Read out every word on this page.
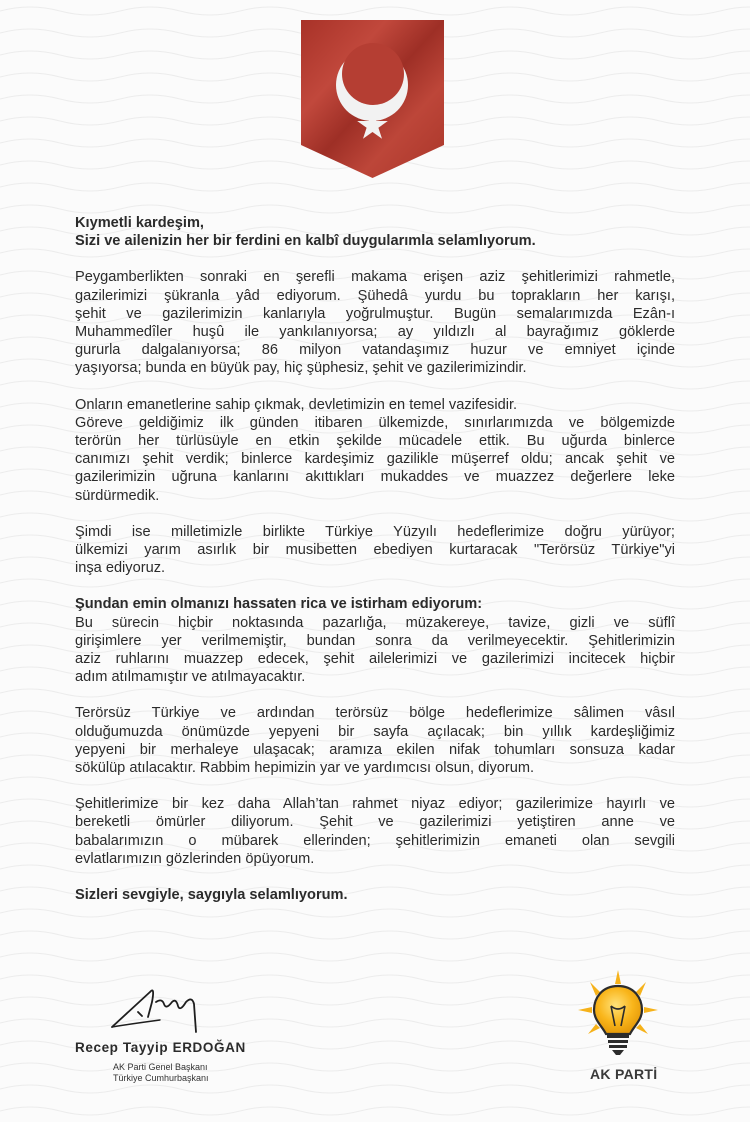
Kıymetli kardeşim,
Sizi ve ailenizin her bir ferdini en kalbî duygularımla selamlıyorum.

Peygamberlikten sonraki en şerefli makama erişen aziz şehitlerimizi rahmetle,
gazilerimizi şükranla yâd ediyorum. Şühedâ yurdu bu toprakların her karışı,
şehit ve gazilerimizin kanlarıyla yoğrulmuştur. Bugün semalarımızda Ezân-ı
Muhammedîler huşû ile yankılanıyorsa; ay yıldızlı al bayrağımız göklerde
gururla dalgalanıyorsa; 86 milyon vatandaşımız huzur ve emniyet içinde
yaşıyorsa; bunda en büyük pay, hiç şüphesiz, şehit ve gazilerimizindir.

Onların emanetlerine sahip çıkmak, devletimizin en temel vazifesidir.
Göreve geldiğimiz ilk günden itibaren ülkemizde, sınırlarımızda ve bölgemizde
terörün her türlüsüyle en etkin şekilde mücadele ettik. Bu uğurda binlerce
canımızı şehit verdik; binlerce kardeşimiz gazilikle müşerref oldu; ancak şehit ve
gazilerimizin uğruna kanlarını akıttıkları mukaddes ve muazzez değerlere leke
sürdürmedik.

Şimdi ise milletimizle birlikte Türkiye Yüzyılı hedeflerimize doğru yürüyor;
ülkemizi yarım asırlık bir musibetten ebediyen kurtaracak "Terörsüz Türkiye"yi
inşa ediyoruz.

Şundan emin olmanızı hassaten rica ve istirham ediyorum:
Bu sürecin hiçbir noktasında pazarlığa, müzakereye, tavize, gizli ve süflî
girişimlere yer verilmemiştir, bundan sonra da verilmeyecektir. Şehitlerimizin
aziz ruhlarını muazzep edecek, şehit ailelerimizi ve gazilerimizi incitecek hiçbir
adım atılmamıştır ve atılmayacaktır.

Terörsüz Türkiye ve ardından terörsüz bölge hedeflerimize sâlimen vâsıl
olduğumuzda önümüzde yepyeni bir sayfa açılacak; bin yıllık kardeşliğimiz
yepyeni bir merhaleye ulaşacak; aramıza ekilen nifak tohumları sonsuza kadar
sökülüp atılacaktır. Rabbim hepimizin yar ve yardımcısı olsun, diyorum.

Şehitlerimize bir kez daha Allah’tan rahmet niyaz ediyor; gazilerimize hayırlı ve
bereketli ömürler diliyorum. Şehit ve gazilerimizi yetiştiren anne ve
babalarımızın o mübarek ellerinden; şehitlerimizin emaneti olan sevgili
evlatlarımızın gözlerinden öpüyorum.

Sizleri sevgiyle, saygıyla selamlıyorum.

Recep Tayyip ERDOĞAN
AK Parti Genel Başkanı
Türkiye Cumhurbaşkanı	AK PARTİ
